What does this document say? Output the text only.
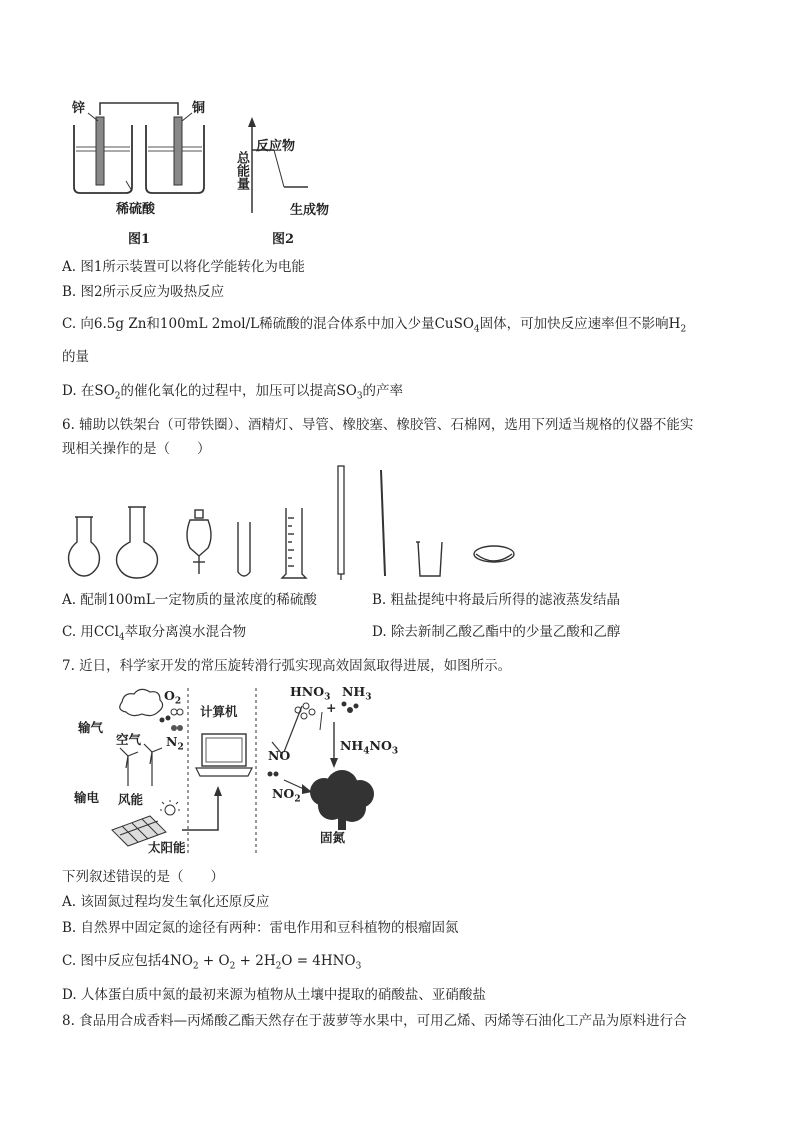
锌	铜
稀硫酸
图1	图2
总能量
反应物
生成物
A. 图1所示装置可以将化学能转化为电能
B. 图2所示反应为吸热反应
C. 向6.5g Zn和100mL 2mol/L稀硫酸的混合体系中加入少量CuSO$_4$固体，可加快反应速率但不影响$H_2$
的量
D. 在$SO_2$的催化氧化的过程中，加压可以提高$SO_3$的产率
6. 辅助以铁架台（可带铁圈）、酒精灯、导管、橡胶塞、橡胶管、石棉网，选用下列适当规格的仪器不能实
现相关操作的是（　　）
A. 配制100mL一定物质的量浓度的稀硫酸	B. 粗盐提纯中将最后所得的滤液蒸发结晶
C. 用CCl$_4$萃取分离溴水混合物	D. 除去新制乙酸乙酯中的少量乙酸和乙醇
7. 近日，科学家开发的常压旋转滑行弧实现高效固氮取得进展，如图所示。
输气
空气
$O_2$
$N_2$
输电 风能
太阳能
计算机
$HNO_3$
+
$NH_3$
$NH_4NO_3$
NO
$NO_2$
固氮
下列叙述错误的是（　　）
A. 该固氮过程均发生氧化还原反应
B. 自然界中固定氮的途径有两种：雷电作用和豆科植物的根瘤固氮
C. 图中反应包括$4NO_2 + O_2 + 2H_2O = 4HNO_3$
D. 人体蛋白质中氮的最初来源为植物从土壤中提取的硝酸盐、亚硝酸盐
8. 食品用合成香料—丙烯酸乙酯天然存在于菠萝等水果中，可用乙烯、丙烯等石油化工产品为原料进行合
